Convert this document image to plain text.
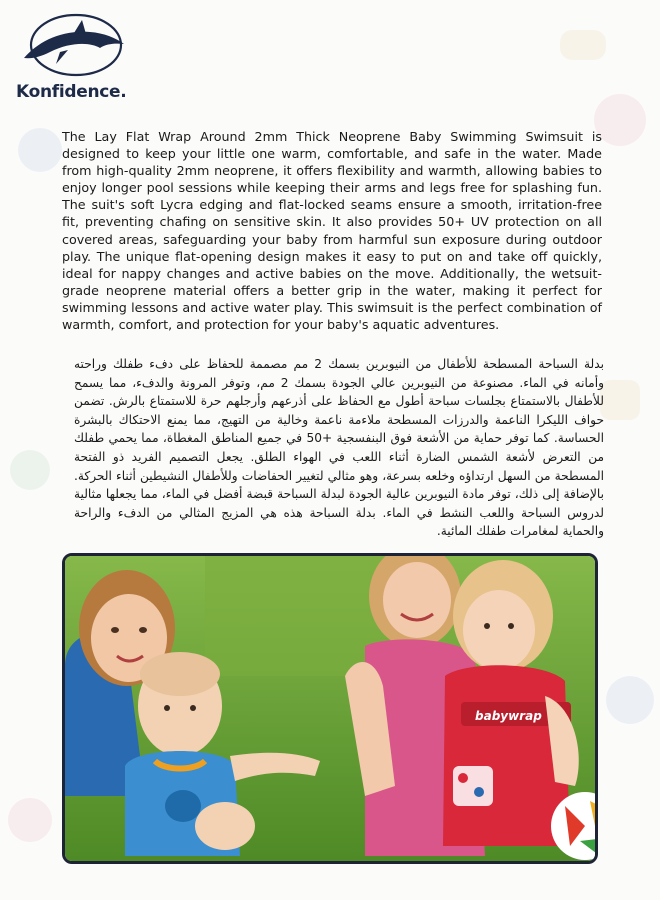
Konfidence.

The Lay Flat Wrap Around 2mm Thick Neoprene Baby Swimming Swimsuit is designed to keep your little one warm, comfortable, and safe in the water. Made from high-quality 2mm neoprene, it offers flexibility and warmth, allowing babies to enjoy longer pool sessions while keeping their arms and legs free for splashing fun. The suit's soft Lycra edging and flat-locked seams ensure a smooth, irritation-free fit, preventing chafing on sensitive skin. It also provides 50+ UV protection on all covered areas, safeguarding your baby from harmful sun exposure during outdoor play. The unique flat-opening design makes it easy to put on and take off quickly, ideal for nappy changes and active babies on the move. Additionally, the wetsuit-grade neoprene material offers a better grip in the water, making it perfect for swimming lessons and active water play. This swimsuit is the perfect combination of warmth, comfort, and protection for your baby's aquatic adventures.

بدلة السباحة المسطحة للأطفال من النيوبرين بسمك 2 مم مصممة للحفاظ على دفء طفلك وراحته وأمانه في الماء. مصنوعة من النيوبرين عالي الجودة بسمك 2 مم، وتوفر المرونة والدفء، مما يسمح للأطفال بالاستمتاع بجلسات سباحة أطول مع الحفاظ على أذرعهم وأرجلهم حرة للاستمتاع بالرش. تضمن حواف الليكرا الناعمة والدرزات المسطحة ملاءمة ناعمة وخالية من التهيج، مما يمنع الاحتكاك بالبشرة الحساسة. كما توفر حماية من الأشعة فوق البنفسجية +50 في جميع المناطق المغطاة، مما يحمي طفلك من التعرض لأشعة الشمس الضارة أثناء اللعب في الهواء الطلق. يجعل التصميم الفريد ذو الفتحة المسطحة من السهل ارتداؤه وخلعه بسرعة، وهو مثالي لتغيير الحفاضات وللأطفال النشيطين أثناء الحركة. بالإضافة إلى ذلك، توفر مادة النيوبرين عالية الجودة لبدلة السباحة قبضة أفضل في الماء، مما يجعلها مثالية لدروس السباحة واللعب النشط في الماء. بدلة السباحة هذه هي المزيج المثالي من الدفء والراحة والحماية لمغامرات طفلك المائية.

babywrap
